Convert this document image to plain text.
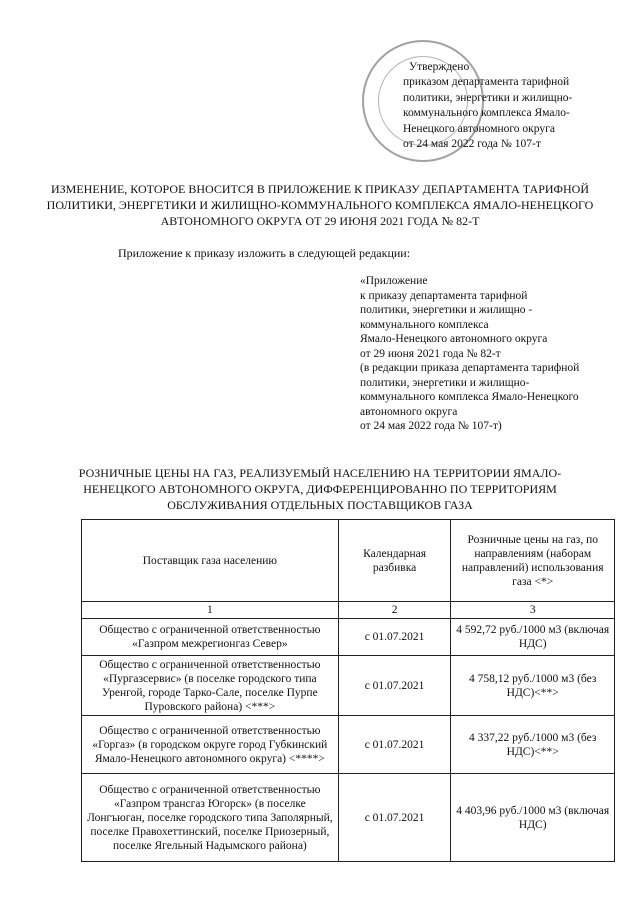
Утверждено
приказом департамента тарифной
политики, энергетики и жилищно-
коммунального комплекса Ямало-
Ненецкого автономного округа
от 24 мая 2022 года № 107-т
ИЗМЕНЕНИЕ, КОТОРОЕ ВНОСИТСЯ В ПРИЛОЖЕНИЕ К ПРИКАЗУ ДЕПАРТАМЕНТА ТАРИФНОЙ ПОЛИТИКИ, ЭНЕРГЕТИКИ И ЖИЛИЩНО-КОММУНАЛЬНОГО КОМПЛЕКСА ЯМАЛО-НЕНЕЦКОГО АВТОНОМНОГО ОКРУГА ОТ 29 ИЮНЯ 2021 ГОДА № 82-Т
Приложение к приказу изложить в следующей редакции:
«Приложение
к приказу департамента тарифной
политики, энергетики и жилищно -
коммунального комплекса
Ямало-Ненецкого автономного округа
от 29 июня 2021 года № 82-т
(в редакции приказа департамента тарифной
политики, энергетики и жилищно-
коммунального комплекса Ямало-Ненецкого
автономного округа
от 24 мая 2022 года № 107-т)
РОЗНИЧНЫЕ ЦЕНЫ НА ГАЗ, РЕАЛИЗУЕМЫЙ НАСЕЛЕНИЮ НА ТЕРРИТОРИИ ЯМАЛО-НЕНЕЦКОГО АВТОНОМНОГО ОКРУГА, ДИФФЕРЕНЦИРОВАННО ПО ТЕРРИТОРИЯМ ОБСЛУЖИВАНИЯ ОТДЕЛЬНЫХ ПОСТАВЩИКОВ ГАЗА
Поставщик газа населению	Календарная разбивка	Розничные цены на газ, по направлениям (наборам направлений) использования газа <*>
1	2	3
Общество с ограниченной ответственностью «Газпром межрегионгаз Север»	с 01.07.2021	4 592,72 руб./1000 м3 (включая НДС)
Общество с ограниченной ответственностью «Пургазсервис» (в поселке городского типа Уренгой, городе Тарко-Сале, поселке Пурпе Пуровского района) <***>	с 01.07.2021	4 758,12 руб./1000 м3 (без НДС)<**>
Общество с ограниченной ответственностью «Горгаз» (в городском округе город Губкинский Ямало-Ненецкого автономного округа) <****>	с 01.07.2021	4 337,22 руб./1000 м3 (без НДС)<**>
Общество с ограниченной ответственностью «Газпром трансгаз Югорск» (в поселке Лонгъюган, поселке городского типа Заполярный, поселке Правохеттинский, поселке Приозерный, поселке Ягельный Надымского района)	с 01.07.2021	4 403,96 руб./1000 м3 (включая НДС)
